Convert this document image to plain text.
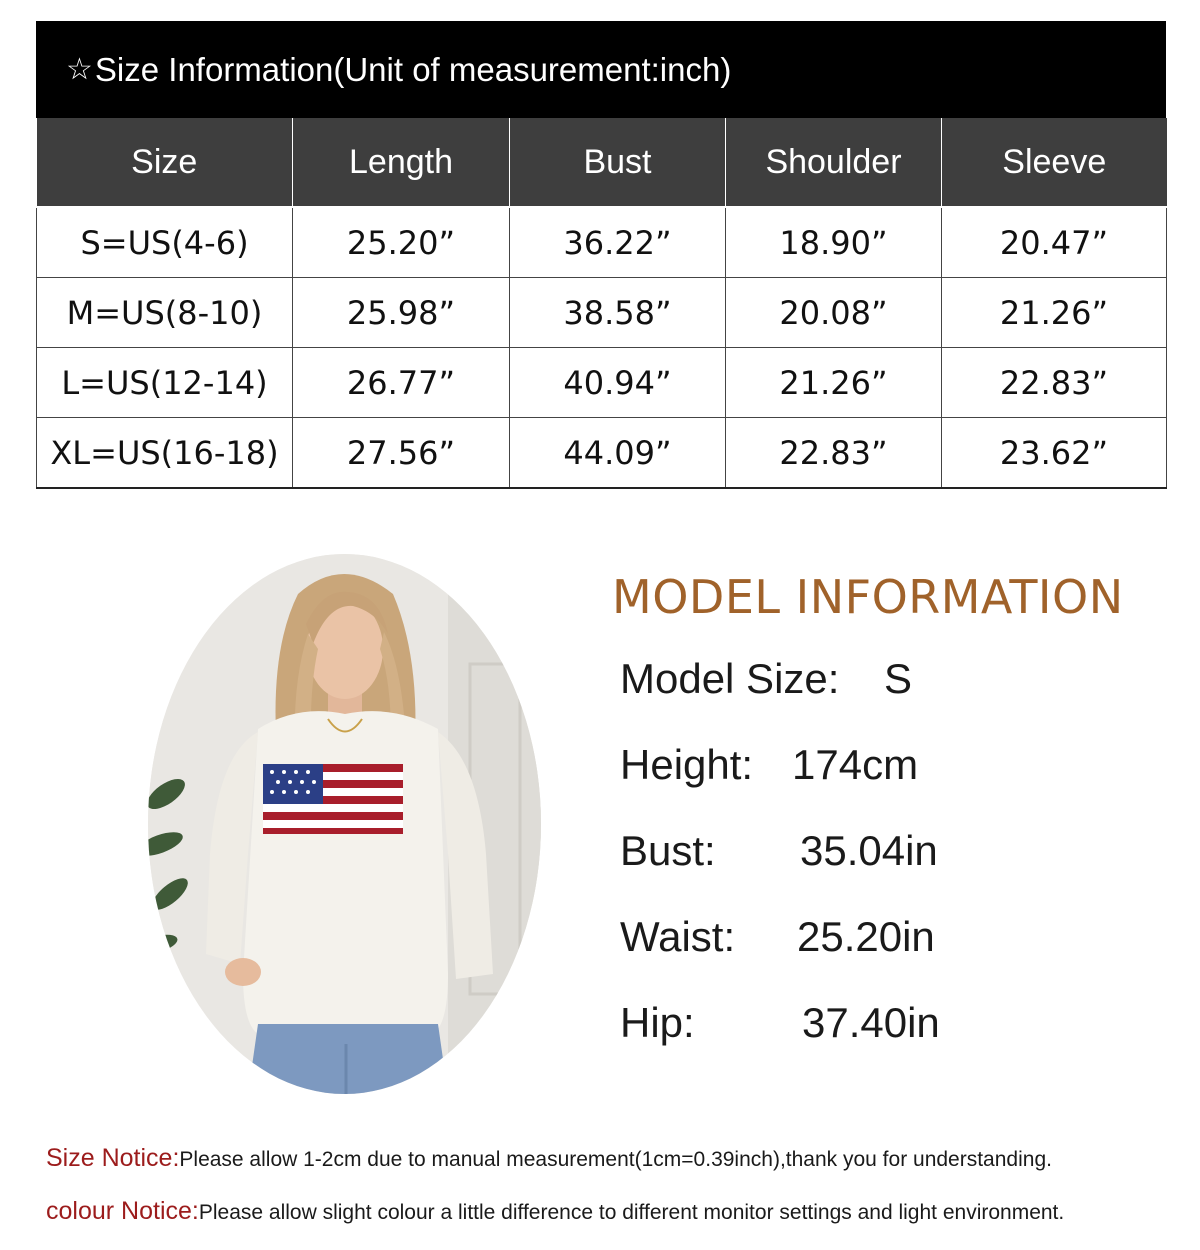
☆ Size Information(Unit of measurement:inch)
Size	Length	Bust	Shoulder	Sleeve
S=US(4-6)	25.20”	36.22”	18.90”	20.47”
M=US(8-10)	25.98”	38.58”	20.08”	21.26”
L=US(12-14)	26.77”	40.94”	21.26”	22.83”
XL=US(16-18)	27.56”	44.09”	22.83”	23.62”
MODEL INFORMATION
Model Size: S
Height: 174cm
Bust: 35.04in
Waist: 25.20in
Hip:	37.40in
Size Notice:Please allow 1-2cm due to manual measurement(1cm=0.39inch),thank you for understanding.
colour Notice:Please allow slight colour a little difference to different monitor settings and light environment.
